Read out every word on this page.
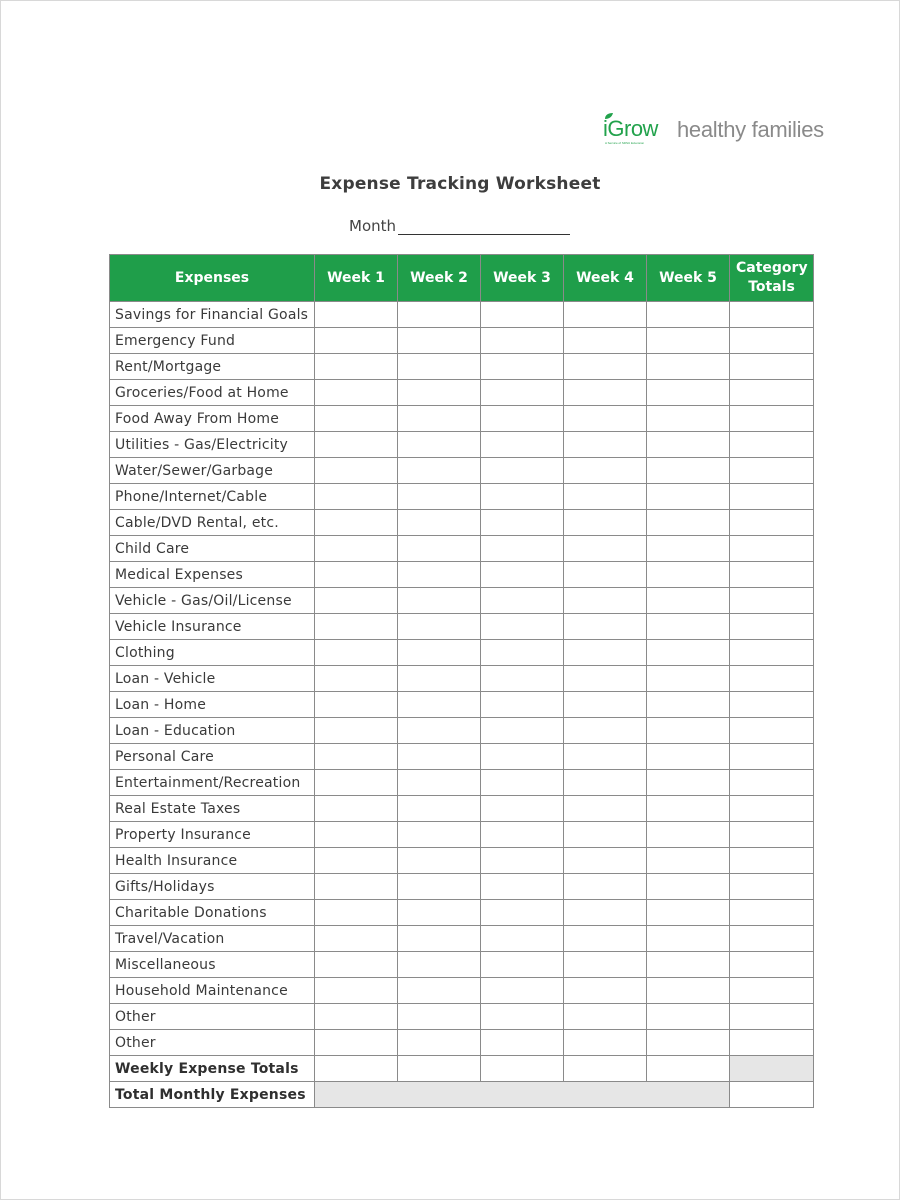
iGrow healthy families
A Service of SDSU Extension
Expense Tracking Worksheet
Month
Expenses	Week 1	Week 2	Week 3	Week 4	Week 5	Category Totals
Savings for Financial Goals						
Emergency Fund						
Rent/Mortgage						
Groceries/Food at Home						
Food Away From Home						
Utilities - Gas/Electricity						
Water/Sewer/Garbage						
Phone/Internet/Cable						
Cable/DVD Rental, etc.						
Child Care						
Medical Expenses						
Vehicle - Gas/Oil/License						
Vehicle Insurance						
Clothing						
Loan - Vehicle						
Loan - Home						
Loan - Education						
Personal Care						
Entertainment/Recreation						
Real Estate Taxes						
Property Insurance						
Health Insurance						
Gifts/Holidays						
Charitable Donations						
Travel/Vacation						
Miscellaneous						
Household Maintenance						
Other						
Other						
Weekly Expense Totals						
Total Monthly Expenses						
